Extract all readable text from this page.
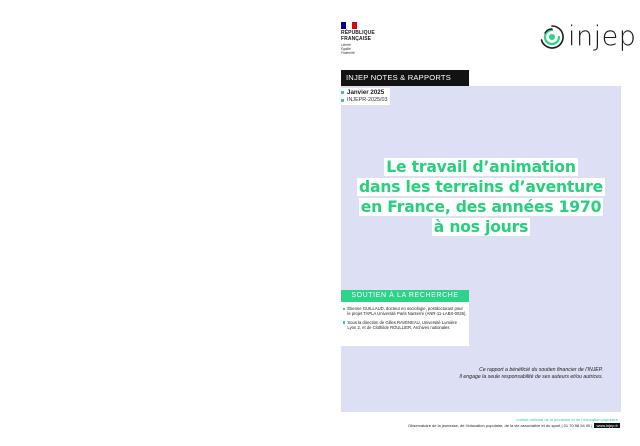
RÉPUBLIQUE
FRANÇAISE
Liberté
Égalité
Fraternité
injep
INJEP NOTES & RAPPORTS
Janvier 2025
INJEPR-2025/03
Le travail d’animation
dans les terrains d’aventure
en France, des années 1970
à nos jours
SOUTIEN À LA RECHERCHE
Étienne GUILLAUD, docteur en sociologie, postdoctorant pour le projet TAPLA Université Paris Nanterre (ANR-11-LABX-0026),
Sous la direction de Gilles RAVENEAU, Université Lumière Lyon 2, et de Clothilde ROULLIER, Archives nationales
Ce rapport a bénéficié du soutien financier de l’INJEP.
Il engage la seule responsabilité de ses auteurs et/ou autrices.
Institut national de la jeunesse et de l’éducation populaire
Observatoire de la jeunesse, de l’éducation populaire, de la vie associative et du sport | 01 70 98 94 00 | www.injep.fr
